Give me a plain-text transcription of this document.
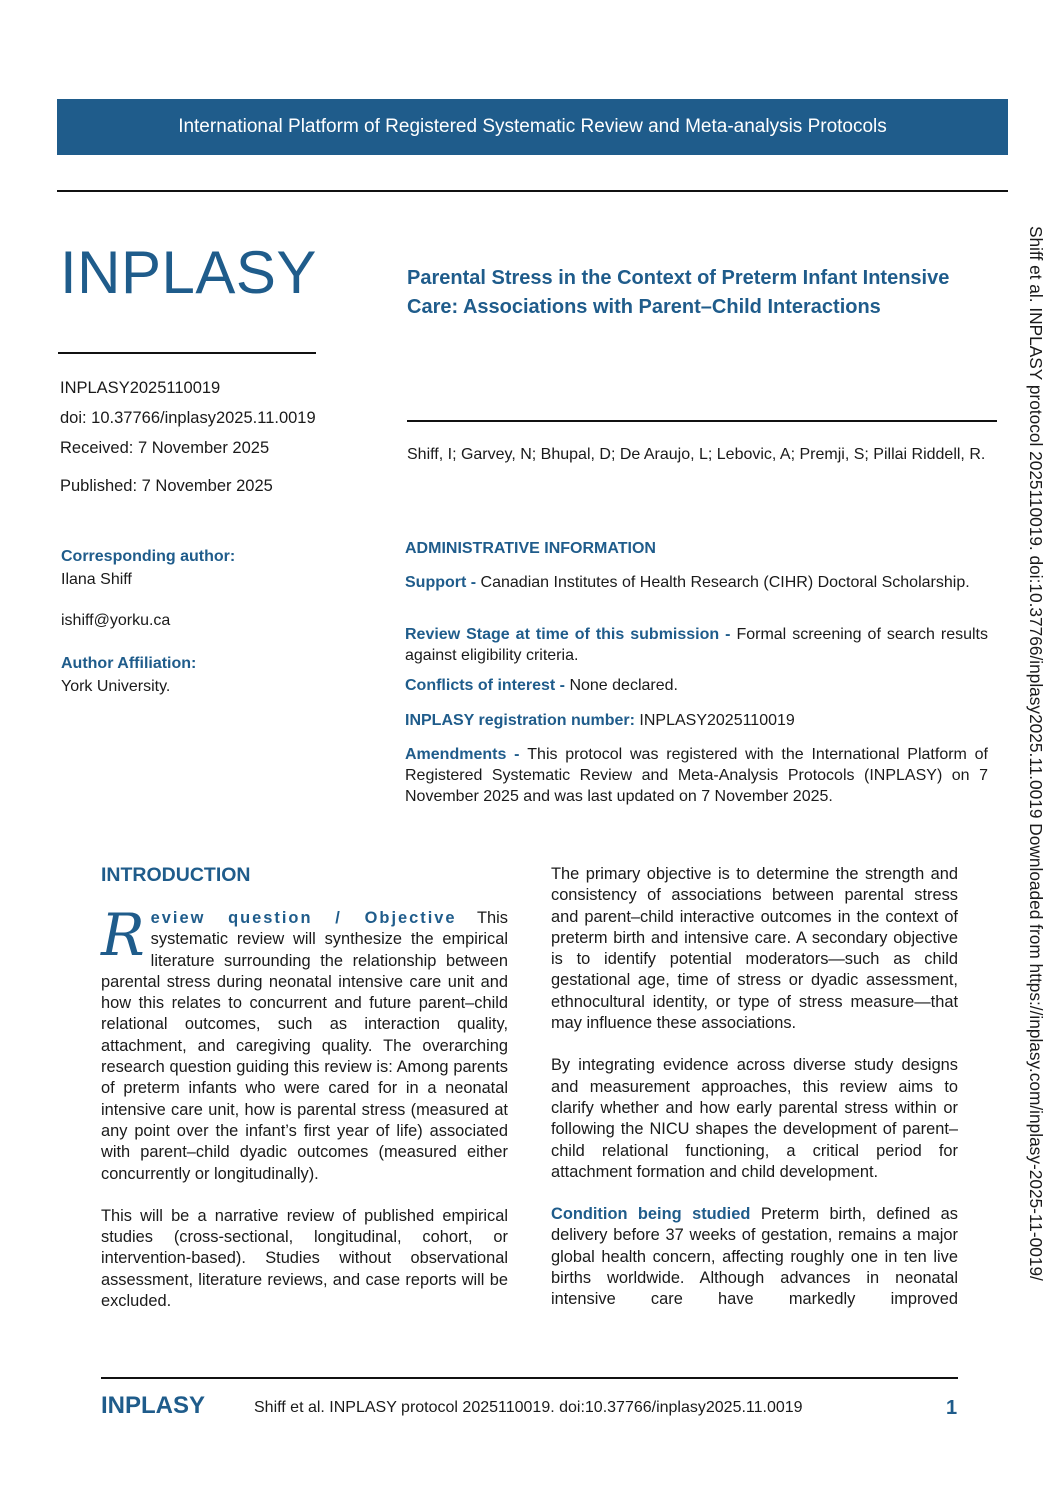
International Platform of Registered Systematic Review and Meta-analysis Protocols
INPLASY	Parental Stress in the Context of Preterm Infant Intensive Care: Associations with Parent–Child Interactions
INPLASY2025110019
doi: 10.37766/inplasy2025.11.0019
Received: 7 November 2025
Published: 7 November 2025
Shiff, I; Garvey, N; Bhupal, D; De Araujo, L; Lebovic, A; Premji, S; Pillai Riddell, R.
Corresponding author:
Ilana Shiff
ishiff@yorku.ca
Author Affiliation:
York University.
ADMINISTRATIVE INFORMATION
Support - Canadian Institutes of Health Research (CIHR) Doctoral Scholarship.
Review Stage at time of this submission - Formal screening of search results against eligibility criteria.
Conflicts of interest - None declared.
INPLASY registration number: INPLASY2025110019
Amendments - This protocol was registered with the International Platform of Registered Systematic Review and Meta-Analysis Protocols (INPLASY) on 7 November 2025 and was last updated on 7 November 2025.
INTRODUCTION

Review question / Objective This systematic review will synthesize the empirical literature surrounding the relationship between parental stress during neonatal intensive care unit and how this relates to concurrent and future parent–child relational outcomes, such as interaction quality, attachment, and caregiving quality. The overarching research question guiding this review is: Among parents of preterm infants who were cared for in a neonatal intensive care unit, how is parental stress (measured at any point over the infant’s first year of life) associated with parent–child dyadic outcomes (measured either concurrently or longitudinally).

This will be a narrative review of published empirical studies (cross-sectional, longitudinal, cohort, or intervention-based). Studies without observational assessment, literature reviews, and case reports will be excluded.

The primary objective is to determine the strength and consistency of associations between parental stress and parent–child interactive outcomes in the context of preterm birth and intensive care. A secondary objective is to identify potential moderators—such as child gestational age, time of stress or dyadic assessment, ethnocultural identity, or type of stress measure—that may influence these associations.

By integrating evidence across diverse study designs and measurement approaches, this review aims to clarify whether and how early parental stress within or following the NICU shapes the development of parent–child relational functioning, a critical period for attachment formation and child development.

Condition being studied Preterm birth, defined as delivery before 37 weeks of gestation, remains a major global health concern, affecting roughly one in ten live births worldwide. Although advances in neonatal intensive care have markedly improved

INPLASY	Shiff et al. INPLASY protocol 2025110019. doi:10.37766/inplasy2025.11.0019	1
Shiff et al. INPLASY protocol 2025110019. doi:10.37766/inplasy2025.11.0019 Downloaded from https://inplasy.com/inplasy-2025-11-0019/
